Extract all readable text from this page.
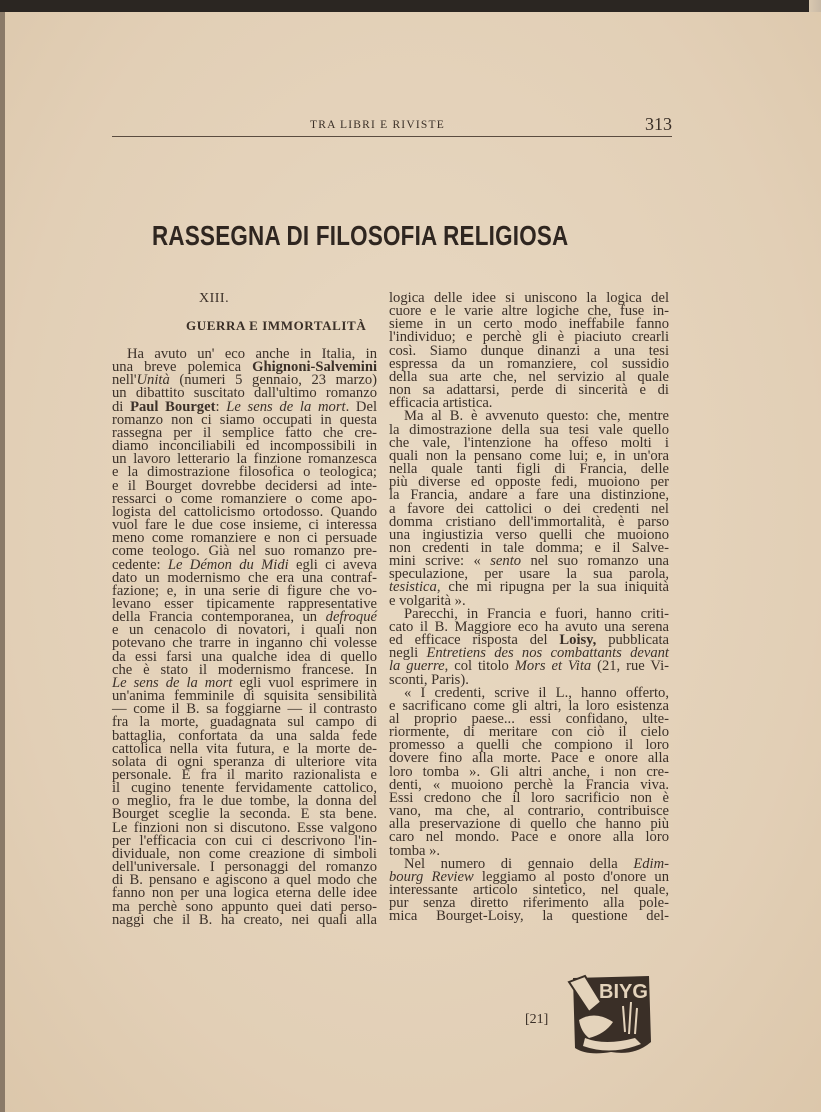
TRA LIBRI E RIVISTE	313
RASSEGNA DI FILOSOFIA RELIGIOSA
XIII.
GUERRA E IMMORTALITÀ
Ha avuto un' eco anche in Italia, in
una breve polemica Ghignoni-Salvemini
nell'Unità (numeri 5 gennaio, 23 marzo)
un dibattito suscitato dall'ultimo romanzo
di Paul Bourget: Le sens de la mort. Del
romanzo non ci siamo occupati in questa
rassegna per il semplice fatto che cre-
diamo inconciliabili ed incompossibili in
un lavoro letterario la finzione romanzesca
e la dimostrazione filosofica o teologica;
e il Bourget dovrebbe decidersi ad inte-
ressarci o come romanziere o come apo-
logista del cattolicismo ortodosso. Quando
vuol fare le due cose insieme, ci interessa
meno come romanziere e non ci persuade
come teologo. Già nel suo romanzo pre-
cedente: Le Démon du Midi egli ci aveva
dato un modernismo che era una contraf-
fazione; e, in una serie di figure che vo-
levano esser tipicamente rappresentative
della Francia contemporanea, un defroqué
e un cenacolo di novatori, i quali non
potevano che trarre in inganno chi volesse
da essi farsi una qualche idea di quello
che è stato il modernismo francese. In
Le sens de la mort egli vuol esprimere in
un'anima femminile di squisita sensibilità
— come il B. sa foggiarne — il contrasto
fra la morte, guadagnata sul campo di
battaglia, confortata da una salda fede
cattolica nella vita futura, e la morte de-
solata di ogni speranza di ulteriore vita
personale. È fra il marito razionalista e
il cugino tenente fervidamente cattolico,
o meglio, fra le due tombe, la donna del
Bourget sceglie la seconda. E sta bene.
Le finzioni non si discutono. Esse valgono
per l'efficacia con cui ci descrivono l'in-
dividuale, non come creazione di simboli
dell'universale. I personaggi del romanzo
di B. pensano e agiscono a quel modo che
fanno non per una logica eterna delle idee
ma perchè sono appunto quei dati perso-
naggi che il B. ha creato, nei quali alla
logica delle idee si uniscono la logica del
cuore e le varie altre logiche che, fuse in-
sieme in un certo modo ineffabile fanno
l'individuo; e perchè gli è piaciuto crearli
così. Siamo dunque dinanzi a una tesi
espressa da un romanziere, col sussidio
della sua arte che, nel servizio al quale
non sa adattarsi, perde di sincerità e di
efficacia artistica.
Ma al B. è avvenuto questo: che, mentre
la dimostrazione della sua tesi vale quello
che vale, l'intenzione ha offeso molti i
quali non la pensano come lui; e, in un'ora
nella quale tanti figli di Francia, delle
più diverse ed opposte fedi, muoiono per
la Francia, andare a fare una distinzione,
a favore dei cattolici o dei credenti nel
domma cristiano dell'immortalità, è parso
una ingiustizia verso quelli che muoiono
non credenti in tale domma; e il Salve-
mini scrive: « sento nel suo romanzo una
speculazione, per usare la sua parola,
tesistica, che mi ripugna per la sua iniquità
e volgarità ».
Parecchi, in Francia e fuori, hanno criti-
cato il B. Maggiore eco ha avuto una serena
ed efficace risposta del Loisy, pubblicata
negli Entretiens des nos combattants devant
la guerre, col titolo Mors et Vita (21, rue Vi-
sconti, Paris).
« I credenti, scrive il L., hanno offerto,
e sacrificano come gli altri, la loro esistenza
al proprio paese... essi confidano, ulte-
riormente, di meritare con ciò il cielo
promesso a quelli che compiono il loro
dovere fino alla morte. Pace e onore alla
loro tomba ». Gli altri anche, i non cre-
denti, « muoiono perchè la Francia viva.
Essi credono che il loro sacrificio non è
vano, ma che, al contrario, contribuisce
alla preservazione di quello che hanno più
caro nel mondo. Pace e onore alla loro
tomba ».
Nel numero di gennaio della Edim-
bourg Review leggiamo al posto d'onore un
interessante articolo sintetico, nel quale,
pur senza diretto riferimento alla pole-
mica Bourget-Loisy, la questione del-
[21]
BIYG
